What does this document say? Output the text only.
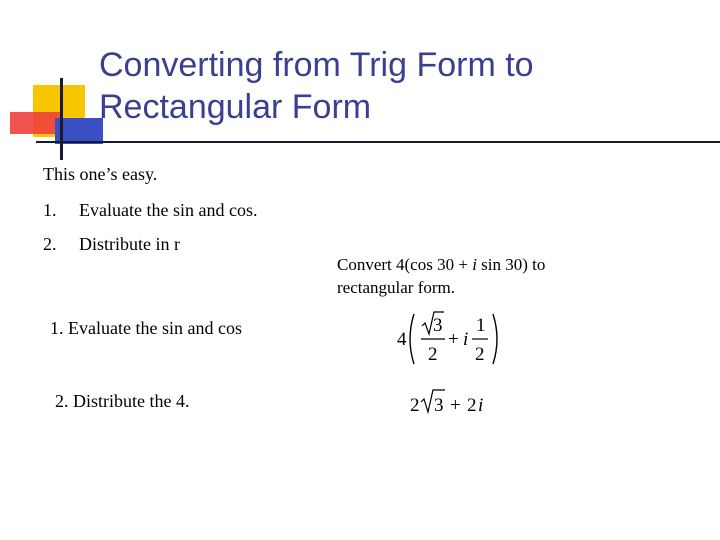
Converting from Trig Form to
Rectangular Form
This one’s easy.
1. Evaluate the sin and cos.
2. Distribute in r
1. Evaluate the sin and cos
2. Distribute the 4.
Convert 4(cos 30 + i sin 30) to
rectangular form.
4
3
2
+ i
1
2
2 3 + 2 i
